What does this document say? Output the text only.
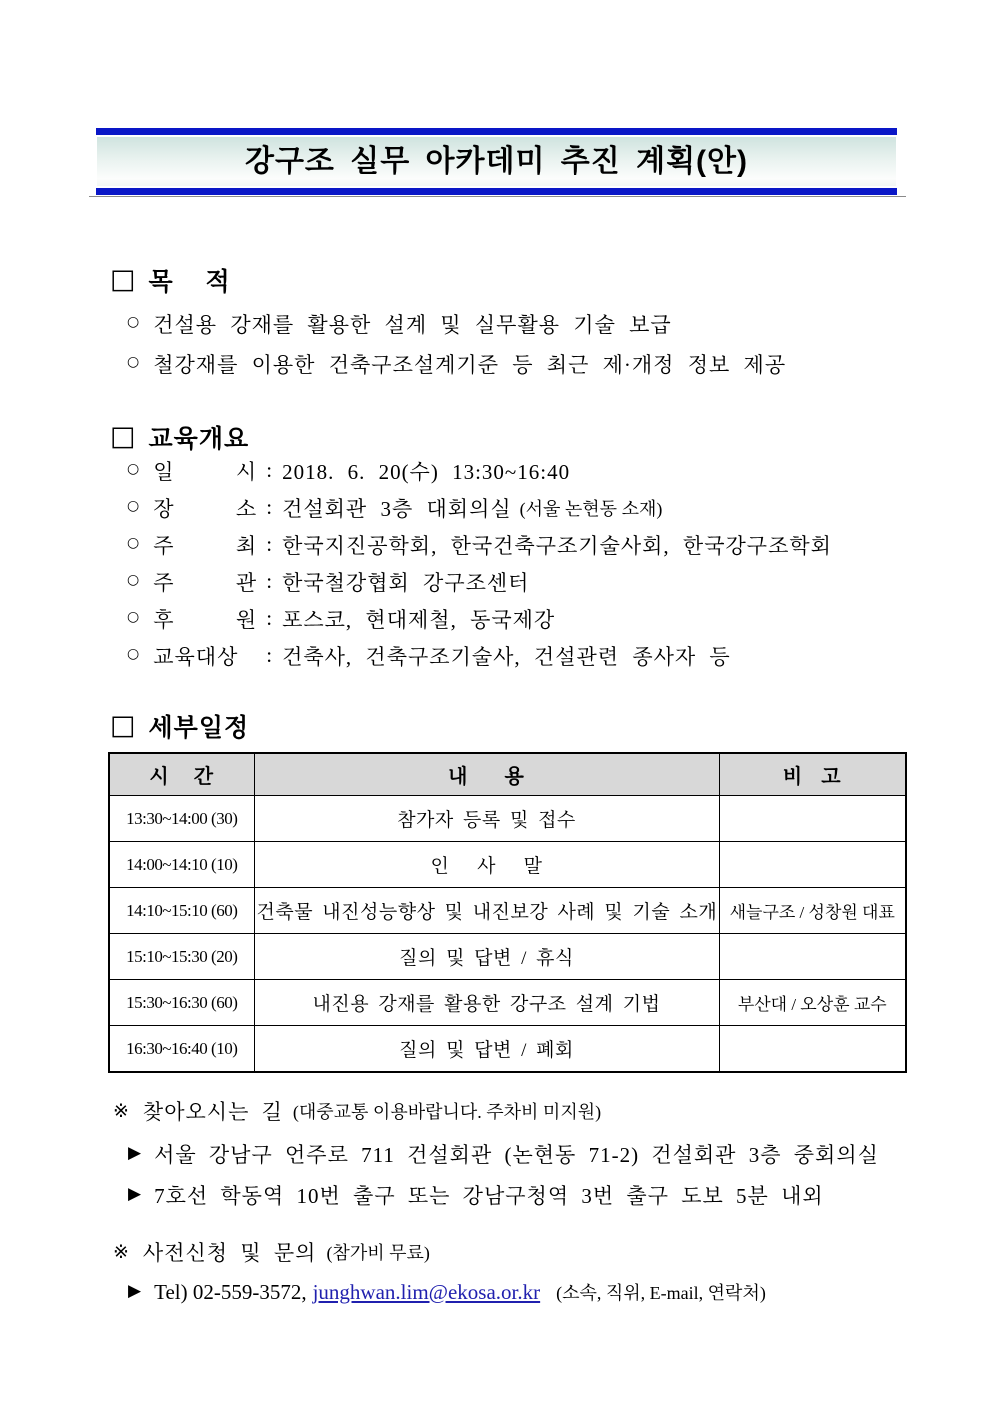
강구조 실무 아카데미 추진 계획(안)
□ 목    적
○ 건설용 강재를 활용한 설계 및 실무활용 기술 보급
○ 철강재를 이용한 건축구조설계기준 등 최근 제·개정 정보 제공
□ 교육개요
○ 일 시 : 2018. 6. 20(수) 13:30~16:40
○ 장 소 : 건설회관 3층 대회의실 (서울 논현동 소재)
○ 주 최 : 한국지진공학회, 한국건축구조기술사회, 한국강구조학회
○ 주 관 : 한국철강협회 강구조센터
○ 후 원 : 포스코, 현대제철, 동국제강
○ 교육대상	: 건축사, 건축구조기술사, 건설관련 종사자 등
□ 세부일정
시    간	내      용	비   고
13:30~14:00 (30)	참가자 등록 및 접수	
14:00~14:10 (10)	인   사   말	
14:10~15:10 (60)	건축물 내진성능향상 및 내진보강 사례 및 기술 소개	새늘구조 / 성창원 대표
15:10~15:30 (20)	질의 및 답변 / 휴식	
15:30~16:30 (60)	내진용 강재를 활용한 강구조 설계 기법	부산대 / 오상훈 교수
16:30~16:40 (10)	질의 및 답변 / 폐회	
※ 찾아오시는 길 (대중교통 이용바랍니다. 주차비 미지원)
▶ 서울 강남구 언주로 711 건설회관 (논현동 71-2) 건설회관 3층 중회의실
▶ 7호선 학동역 10번 출구 또는 강남구청역 3번 출구 도보 5분 내외
※ 사전신청 및 문의 (참가비 무료)
▶ Tel) 02-559-3572, junghwan.lim@ekosa.or.kr (소속, 직위, E-mail, 연락처)
